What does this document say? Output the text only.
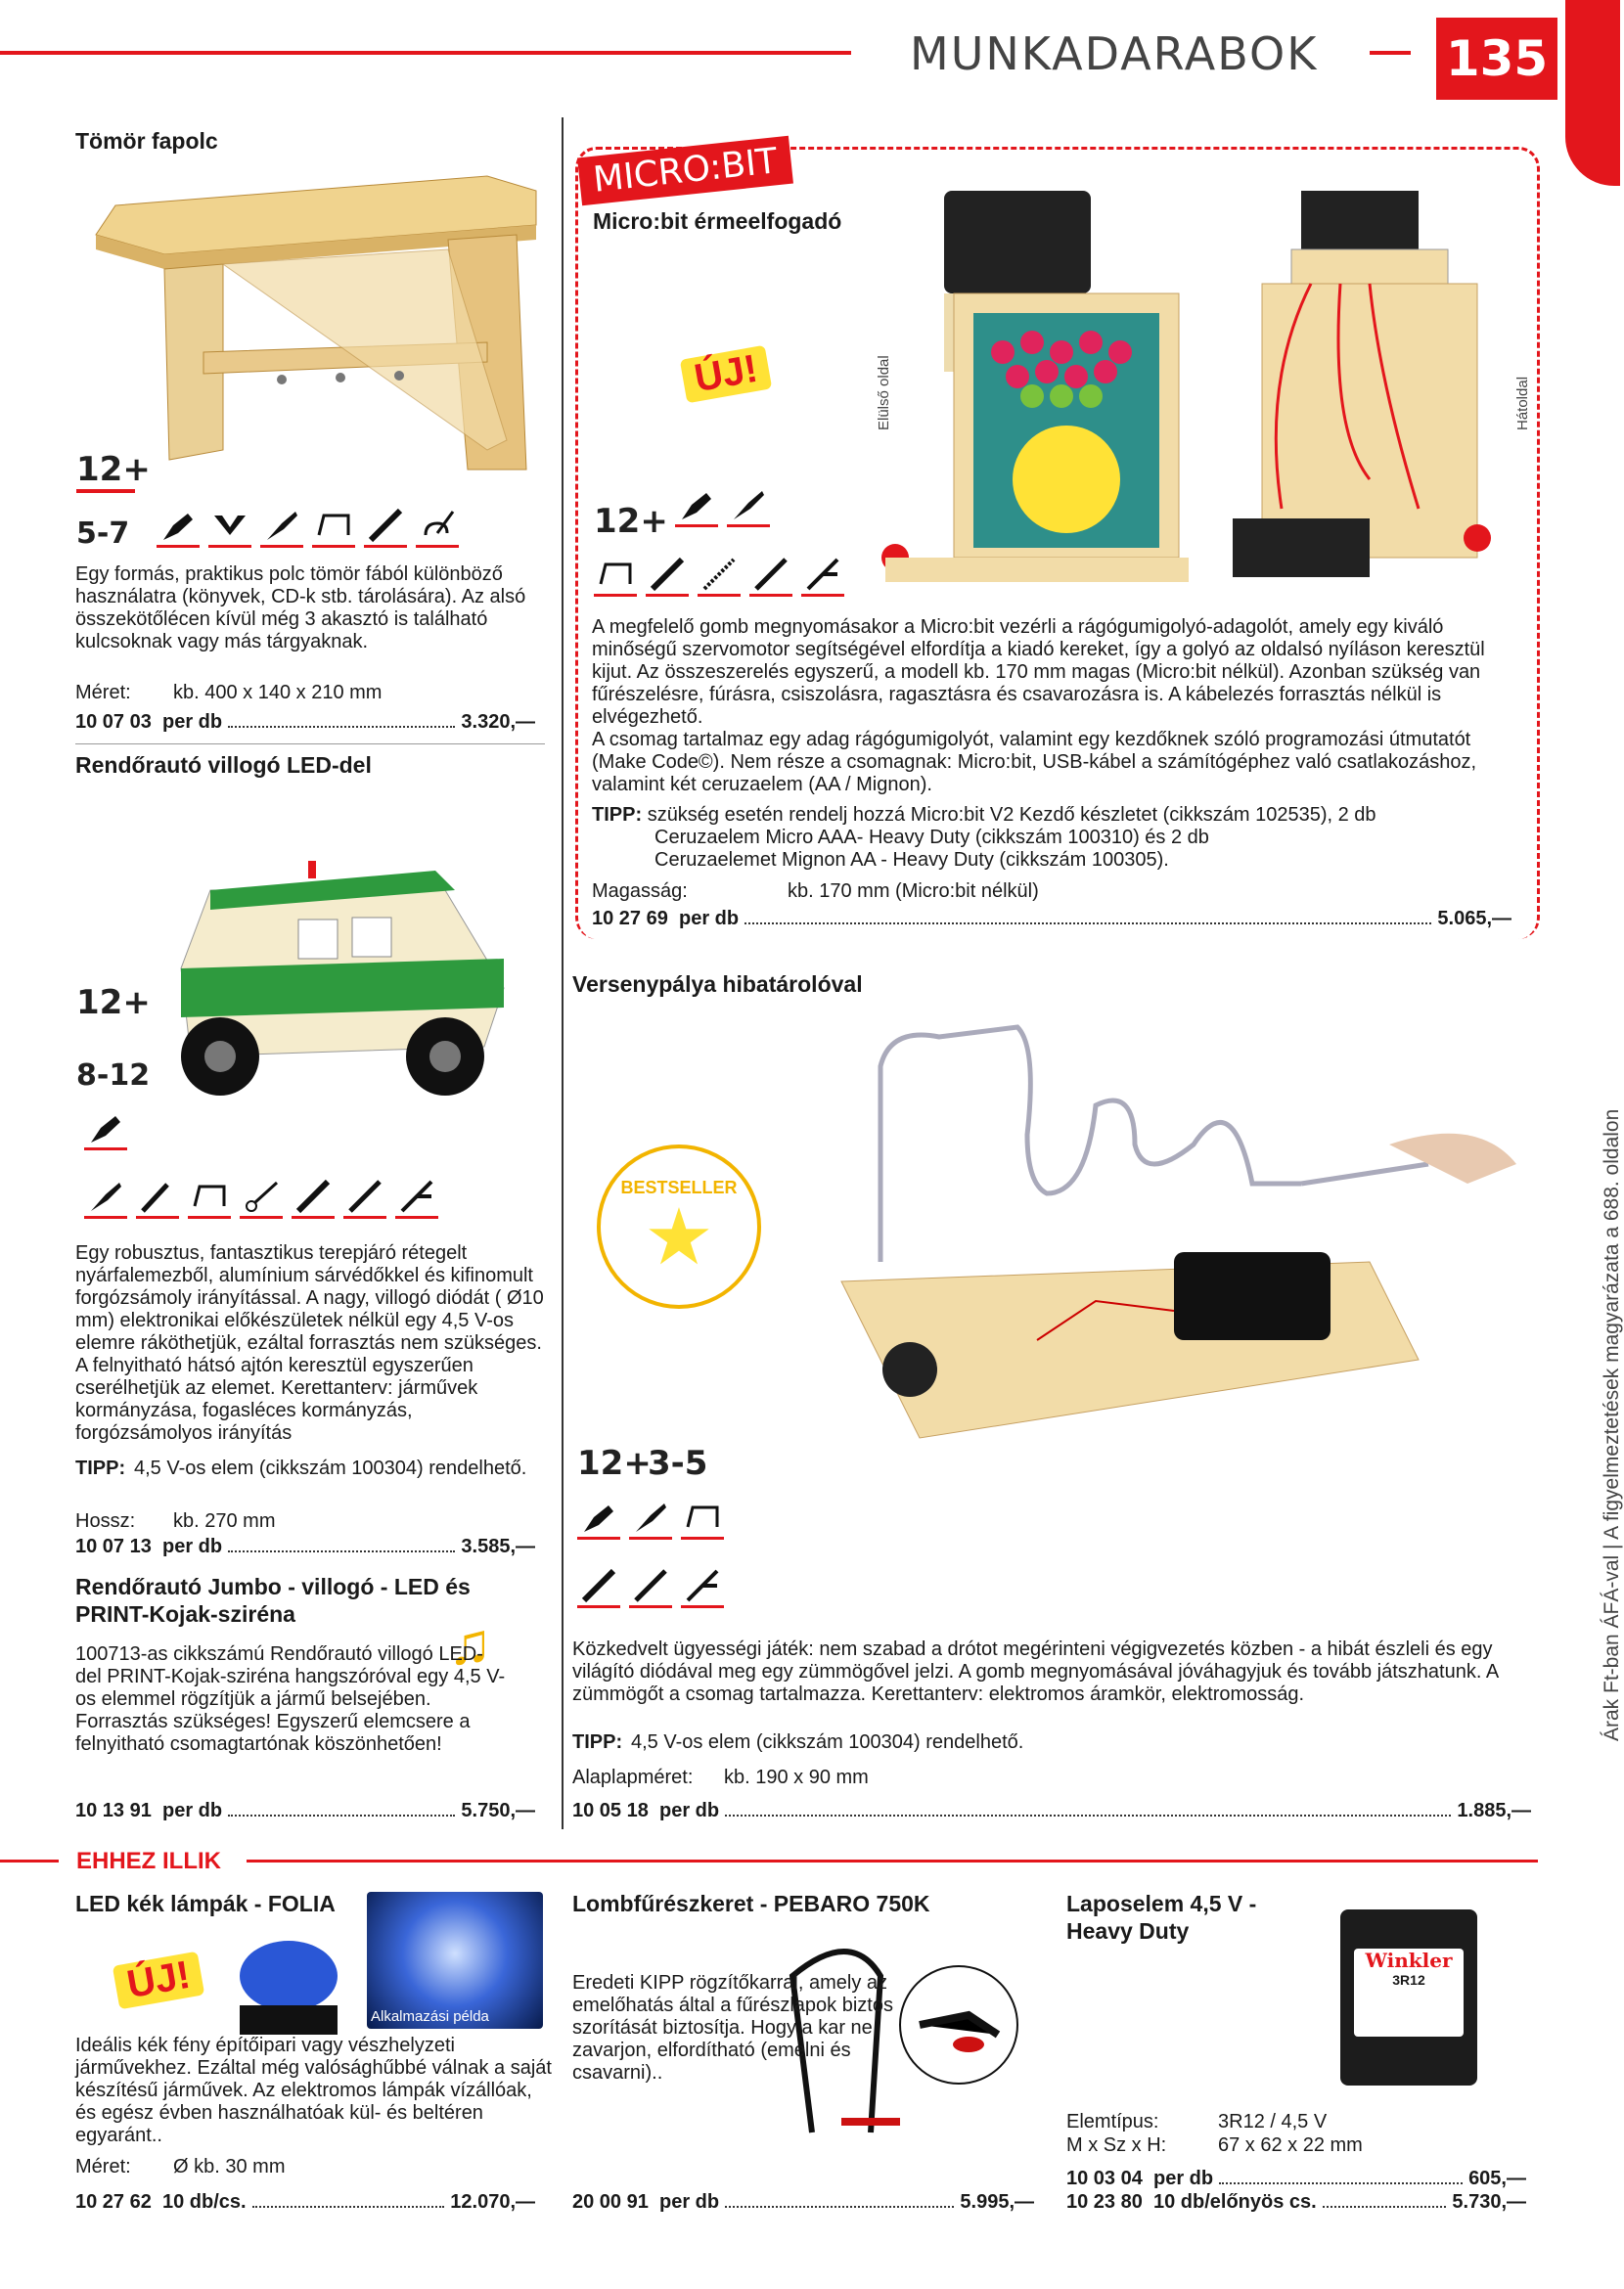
MUNKADARABOK	135
Árak Ft-ban ÁFÁ-val | A figyelmeztetések magyarázata a 688. oldalon
Tömör fapolc
12+
5-7
Egy formás, praktikus polc tömör fából különböző használatra (könyvek, CD-k stb. tárolására). Az alsó összekötőlécen kívül még 3 akasztó is található kulcsoknak vagy más tárgyaknak.
Méret:	kb. 400 x 140 x 210 mm
10 07 03
per db	3.320,—
Rendőrautó villogó LED-del
12+
8-12
Egy robusztus, fantasztikus terepjáró rétegelt nyárfalemezből, alumínium sárvédőkkel és kifinomult forgózsámoly irányítással. A nagy, villogó diódát ( Ø10 mm) elektronikai előkészületek nélkül egy 4,5 V-os elemre ráköthetjük, ezáltal forrasztás nem szükséges. A felnyitható hátsó ajtón keresztül egyszerűen cserélhetjük az elemet. Kerettanterv: járművek kormányzása, fogasléces kormányzás, forgózsámolyos irányítás
TIPP: 4,5 V-os elem (cikkszám 100304) rendelhető.
Hossz:	kb. 270 mm
10 07 13
per db	3.585,—
Rendőrautó Jumbo - villogó - LED és PRINT-Kojak-sziréna	♫
100713-as cikkszámú Rendőrautó villogó LED-del PRINT-Kojak-sziréna hangszóróval egy 4,5 V-os elemmel rögzítjük a jármű belsejében. Forrasztás szükséges! Egyszerű elemcsere a felnyitható csomagtartónak köszönhetően!
10 13 91
per db	5.750,—
MICRO:BIT
Micro:bit érmeelfogadó
ÚJ!	Elülső oldal	Hátoldal
12+
A megfelelő gomb megnyomásakor a Micro:bit vezérli a rágógumigolyó-adagolót, amely egy kiváló minőségű szervomotor segítségével elfordítja a kiadó kereket, így a golyó az oldalsó nyíláson keresztül kijut. Az összeszerelés egyszerű, a modell kb. 170 mm magas (Micro:bit nélkül). Azonban szükség van fűrészelésre, fúrásra, csiszolásra, ragasztásra és csavarozásra is. A kábelezés forrasztás nélkül is elvégezhető.
A csomag tartalmaz egy adag rágógumigolyót, valamint egy kezdőknek szóló programozási útmutatót (Make Code©). Nem része a csomagnak: Micro:bit, USB-kábel a számítógéphez való csatlakozáshoz, valamint két ceruzaelem (AA / Mignon).
TIPP: szükség esetén rendelj hozzá Micro:bit V2 Kezdő készletet (cikkszám 102535), 2 db
Ceruzaelem Micro AAA- Heavy Duty (cikkszám 100310) és 2 db
Ceruzaelemet Mignon AA - Heavy Duty (cikkszám 100305).
Magasság:	kb. 170 mm (Micro:bit nélkül)
10 27 69
per db	5.065,—
Versenypálya hibatárolóval
BESTSELLER
★
12+
3-5
Közkedvelt ügyességi játék: nem szabad a drótot megérinteni végigvezetés közben - a hibát észleli és egy világító diódával meg egy zümmögővel jelzi. A gomb megnyomásával jóváhagyjuk és tovább játszhatunk. A zümmögőt a csomag tartalmazza. Kerettanterv: elektromos áramkör, elektromosság.
TIPP: 4,5 V-os elem (cikkszám 100304) rendelhető.
Alaplapméret:	kb. 190 x 90 mm
10 05 18
per db	1.885,—
EHHEZ ILLIK
LED kék lámpák - FOLIA
ÚJ!
Alkalmazási példa
Ideális kék fény építőipari vagy vészhelyzeti járművekhez. Ezáltal még valósághűbbé válnak a saját készítésű járművek. Az elektromos lámpák vízállóak, és egész évben használhatóak kül- és beltéren egyaránt..
Méret:	Ø kb. 30 mm
10 27 62
10 db/cs.	12.070,—
Lombfűrészkeret - PEBARO 750K
Eredeti KIPP rögzítőkarral, amely az emelőhatás által a fűrészlapok biztos szorítását biztosítja. Hogy a kar ne zavarjon, elfordítható (emelni és csavarni)..
20 00 91
per db	5.995,—
Laposelem 4,5 V - Heavy Duty
Winkler
3R12
Elemtípus:	3R12 / 4,5 V
M x Sz x H:	67 x 62 x 22 mm
10 03 04
per db	605,—
10 23 80
10 db/előnyös cs.	5.730,—
